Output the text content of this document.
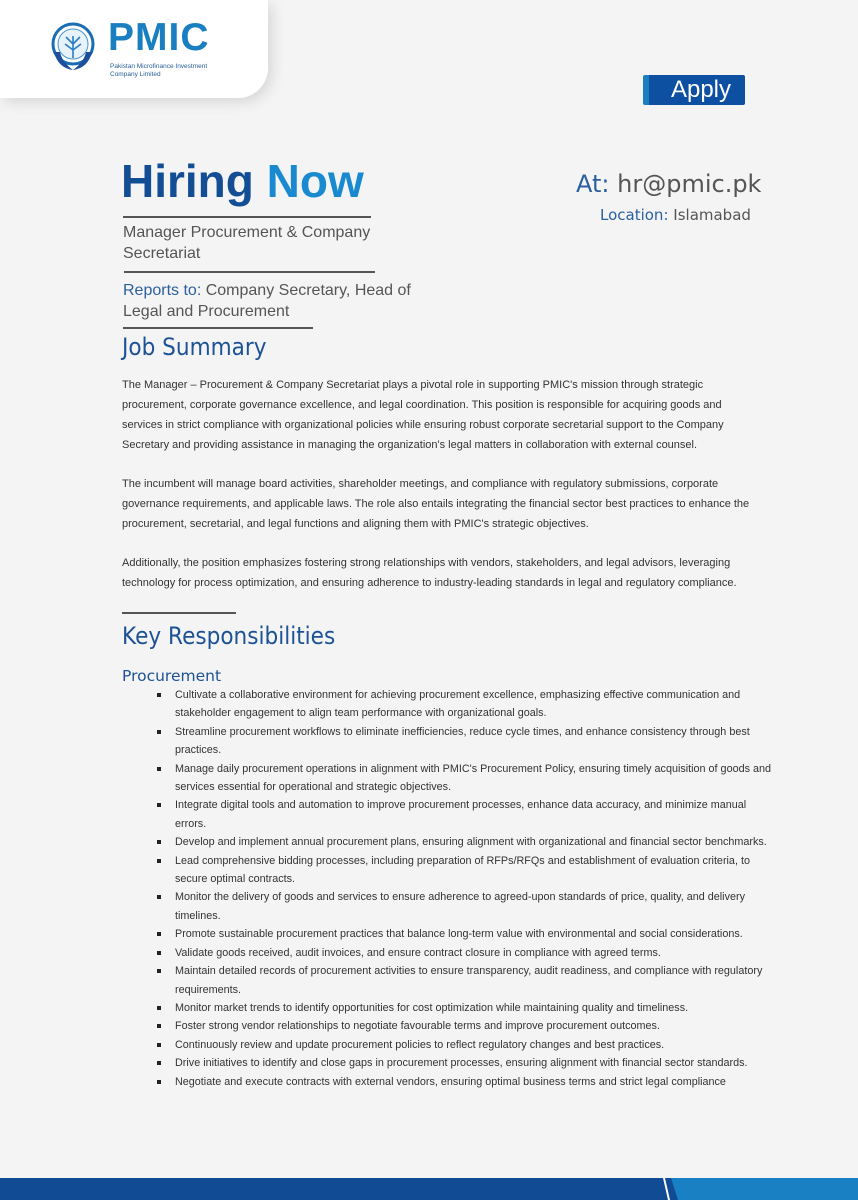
PMIC
Pakistan Microfinance Investment
Company Limited
Apply
Hiring Now
Manager Procurement & Company Secretariat
Reports to: Company Secretary, Head of Legal and Procurement
At: hr@pmic.pk
Location: Islamabad
Job Summary

The Manager – Procurement & Company Secretariat plays a pivotal role in supporting PMIC's mission through strategic procurement, corporate governance excellence, and legal coordination. This position is responsible for acquiring goods and services in strict compliance with organizational policies while ensuring robust corporate secretarial support to the Company Secretary and providing assistance in managing the organization's legal matters in collaboration with external counsel.

The incumbent will manage board activities, shareholder meetings, and compliance with regulatory submissions, corporate governance requirements, and applicable laws. The role also entails integrating the financial sector best practices to enhance the procurement, secretarial, and legal functions and aligning them with PMIC's strategic objectives.

Additionally, the position emphasizes fostering strong relationships with vendors, stakeholders, and legal advisors, leveraging technology for process optimization, and ensuring adherence to industry-leading standards in legal and regulatory compliance.

Key Responsibilities
Procurement
Cultivate a collaborative environment for achieving procurement excellence, emphasizing effective communication and stakeholder engagement to align team performance with organizational goals.
Streamline procurement workflows to eliminate inefficiencies, reduce cycle times, and enhance consistency through best practices.
Manage daily procurement operations in alignment with PMIC's Procurement Policy, ensuring timely acquisition of goods and services essential for operational and strategic objectives.
Integrate digital tools and automation to improve procurement processes, enhance data accuracy, and minimize manual errors.
Develop and implement annual procurement plans, ensuring alignment with organizational and financial sector benchmarks.
Lead comprehensive bidding processes, including preparation of RFPs/RFQs and establishment of evaluation criteria, to secure optimal contracts.
Monitor the delivery of goods and services to ensure adherence to agreed-upon standards of price, quality, and delivery timelines.
Promote sustainable procurement practices that balance long-term value with environmental and social considerations.
Validate goods received, audit invoices, and ensure contract closure in compliance with agreed terms.
Maintain detailed records of procurement activities to ensure transparency, audit readiness, and compliance with regulatory requirements.
Monitor market trends to identify opportunities for cost optimization while maintaining quality and timeliness.
Foster strong vendor relationships to negotiate favourable terms and improve procurement outcomes.
Continuously review and update procurement policies to reflect regulatory changes and best practices.
Drive initiatives to identify and close gaps in procurement processes, ensuring alignment with financial sector standards.
Negotiate and execute contracts with external vendors, ensuring optimal business terms and strict legal compliance
